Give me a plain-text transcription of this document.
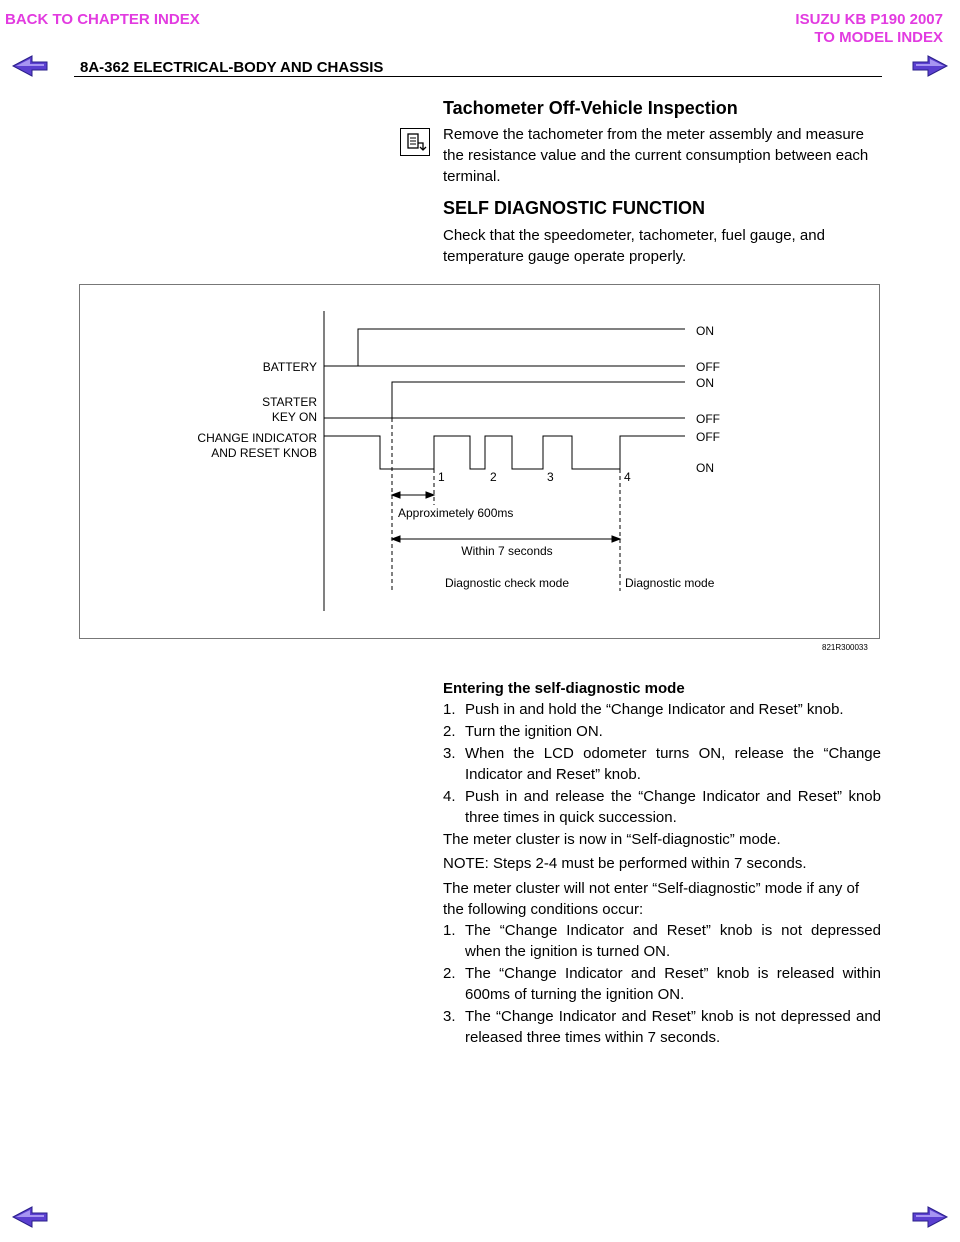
BACK TO CHAPTER INDEX	ISUZU KB P190 2007
TO MODEL INDEX
8A-362 ELECTRICAL-BODY AND CHASSIS
Tachometer Off-Vehicle Inspection
Remove the tachometer from the meter assembly and measure the resistance value and the current consumption between each terminal.
SELF DIAGNOSTIC FUNCTION
Check that the speedometer, tachometer, fuel gauge, and temperature gauge operate properly.
BATTERY
STARTER
KEY ON
CHANGE INDICATOR
AND RESET KNOB
ON
OFF
ON
OFF
OFF
ON
1	2	3	4
Approximetely 600ms
Within 7 seconds
Diagnostic check mode	Diagnostic mode
821R300033
Entering the self-diagnostic mode
1. Push in and hold the “Change Indicator and Reset” knob.
2. Turn the ignition ON.
3. When the LCD odometer turns ON, release the “Change Indicator and Reset” knob.
4. Push in and release the “Change Indicator and Reset” knob three times in quick succession.
The meter cluster is now in “Self-diagnostic” mode.
NOTE: Steps 2-4 must be performed within 7 seconds.
The meter cluster will not enter “Self-diagnostic” mode if any of the following conditions occur:
1. The “Change Indicator and Reset” knob is not depressed when the ignition is turned ON.
2. The “Change Indicator and Reset” knob is released within 600ms of turning the ignition ON.
3. The “Change Indicator and Reset” knob is not depressed and released three times within 7 seconds.
